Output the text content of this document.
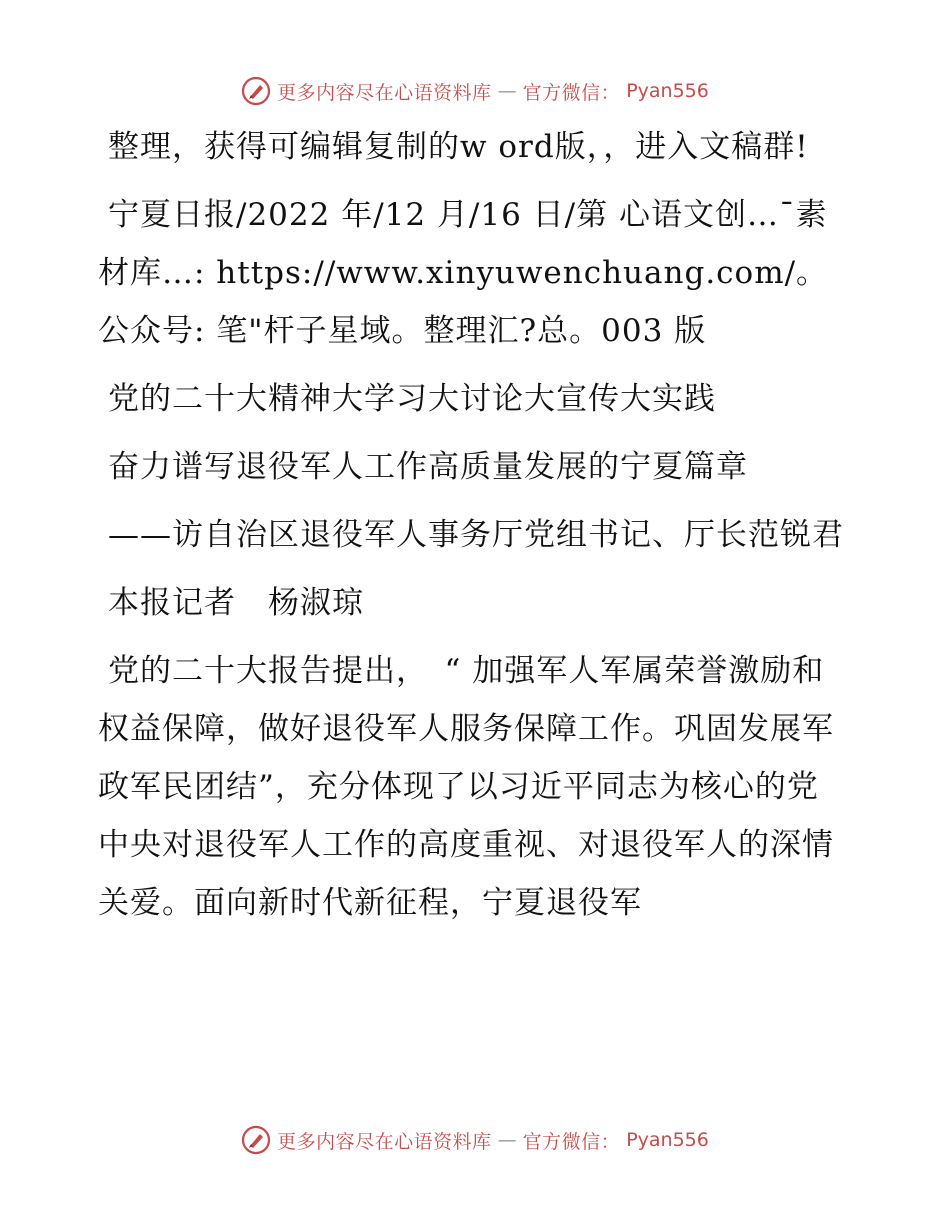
更多内容尽在心语资料库 — 官方微信： Pyan556

整理，获得可编辑复制的w ord版，，进入文稿群!

宁夏日报/2022 年/12 月/16 日/第 心语文创…¯素材库…: https://www.xinyuwenchuang.com/。公众号: 笔"杆子星域。整理汇?总。003 版

党的二十大精神大学习大讨论大宣传大实践

奋力谱写退役军人工作高质量发展的宁夏篇章

——访自治区退役军人事务厅党组书记、厅长范锐君

本报记者　杨淑琼

党的二十大报告提出，　“ 加强军人军属荣誉激励和权益保障，做好退役军人服务保障工作。巩固发展军政军民团结”，充分体现了以习近平同志为核心的党中央对退役军人工作的高度重视、对退役军人的深情关爱。面向新时代新征程，宁夏退役军

更多内容尽在心语资料库 — 官方微信： Pyan556
